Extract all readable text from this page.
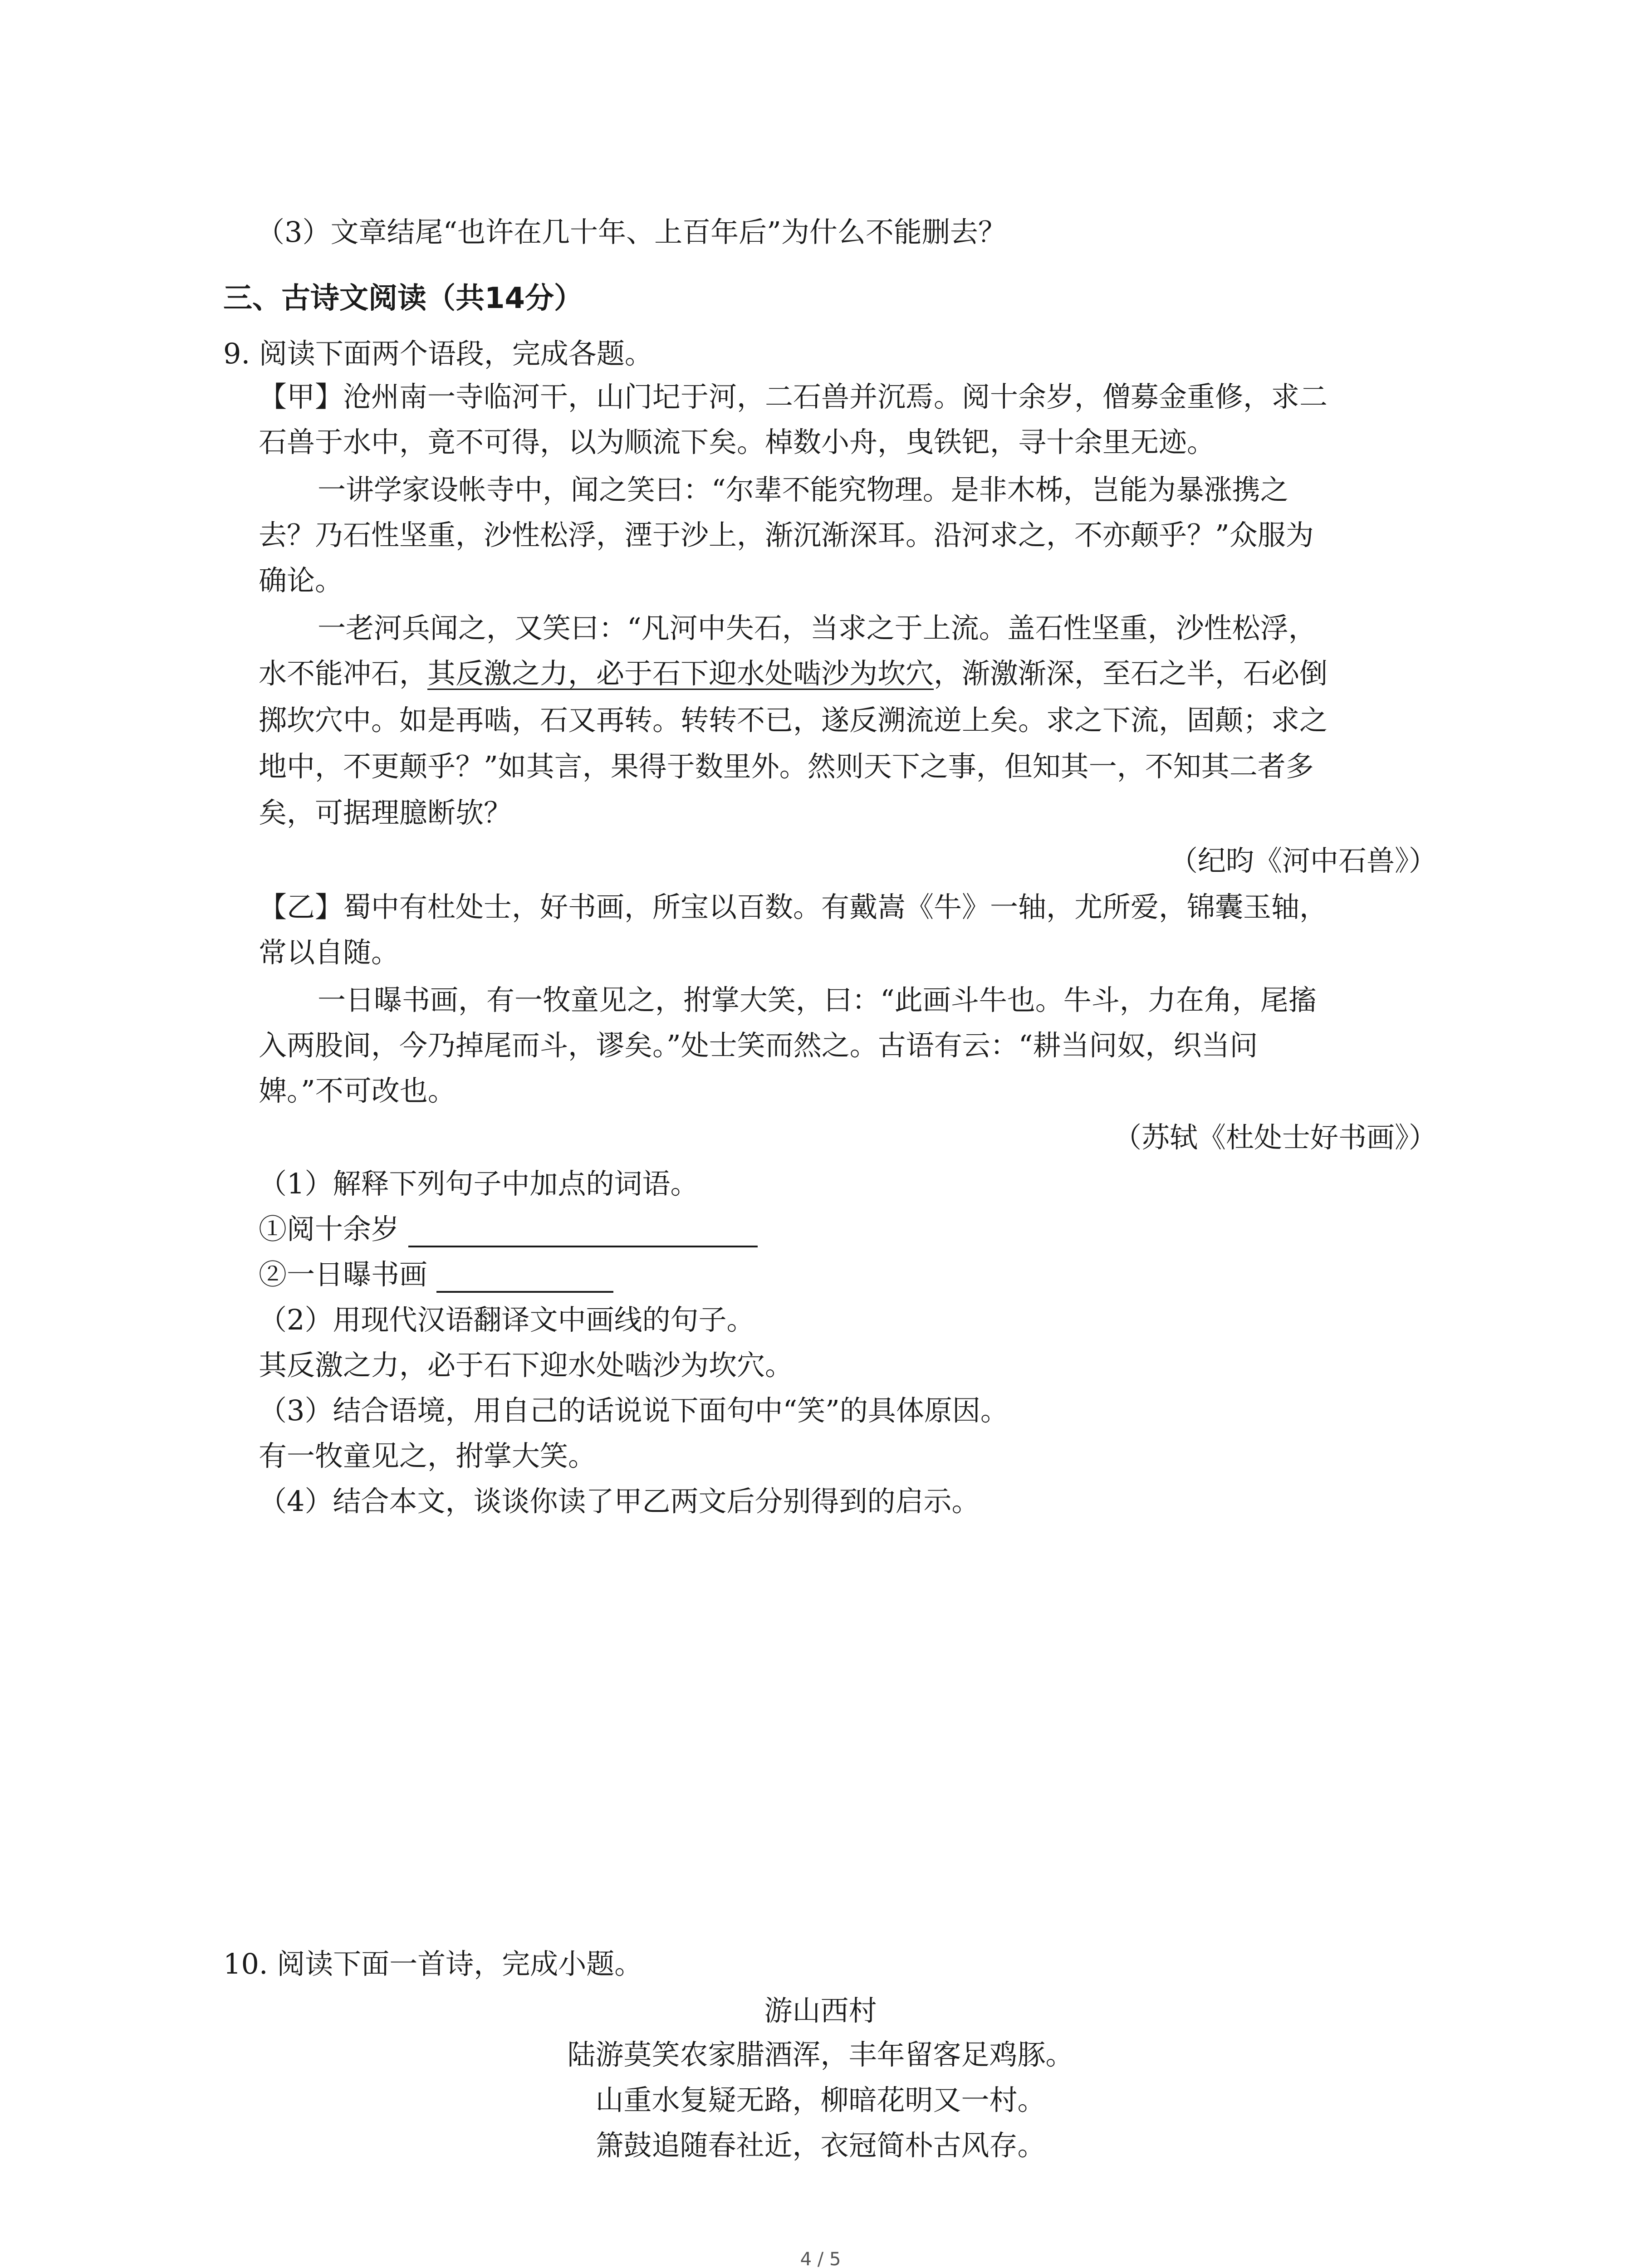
（3）文章结尾“也许在几十年、上百年后”为什么不能删去？
三、古诗文阅读（共14分）
9. 阅读下面两个语段，完成各题。
【甲】沧州南一寺临河干，山门圮于河，二石兽并沉焉。阅十余岁，僧募金重修，求二
石兽于水中，竟不可得，以为顺流下矣。棹数小舟，曳铁钯，寻十余里无迹。
一讲学家设帐寺中，闻之笑曰：“尔辈不能究物理。是非木柹，岂能为暴涨携之
去？乃石性坚重，沙性松浮，湮于沙上，渐沉渐深耳。沿河求之，不亦颠乎？”众服为
确论。
一老河兵闻之，又笑曰：“凡河中失石，当求之于上流。盖石性坚重，沙性松浮，
水不能冲石，其反激之力，必于石下迎水处啮沙为坎穴，渐激渐深，至石之半，石必倒
掷坎穴中。如是再啮，石又再转。转转不已，遂反溯流逆上矣。求之下流，固颠；求之
地中，不更颠乎？”如其言，果得于数里外。然则天下之事，但知其一，不知其二者多
矣，可据理臆断欤？
（纪昀《河中石兽》）
【乙】蜀中有杜处士，好书画，所宝以百数。有戴嵩《牛》一轴，尤所爱，锦囊玉轴，
常以自随。
一日曝书画，有一牧童见之，拊掌大笑，曰：“此画斗牛也。牛斗，力在角，尾搐
入两股间，今乃掉尾而斗，谬矣。”处士笑而然之。古语有云：“耕当问奴，织当问
婢。”不可改也。
（苏轼《杜处士好书画》）
（1）解释下列句子中加点的词语。
①阅十余岁
②一日曝书画
（2）用现代汉语翻译文中画线的句子。
其反激之力，必于石下迎水处啮沙为坎穴。
（3）结合语境，用自己的话说说下面句中“笑”的具体原因。
有一牧童见之，拊掌大笑。
（4）结合本文，谈谈你读了甲乙两文后分别得到的启示。
10. 阅读下面一首诗，完成小题。
游山西村
陆游莫笑农家腊酒浑，丰年留客足鸡豚。
山重水复疑无路，柳暗花明又一村。
箫鼓追随春社近，衣冠简朴古风存。
4 / 5
